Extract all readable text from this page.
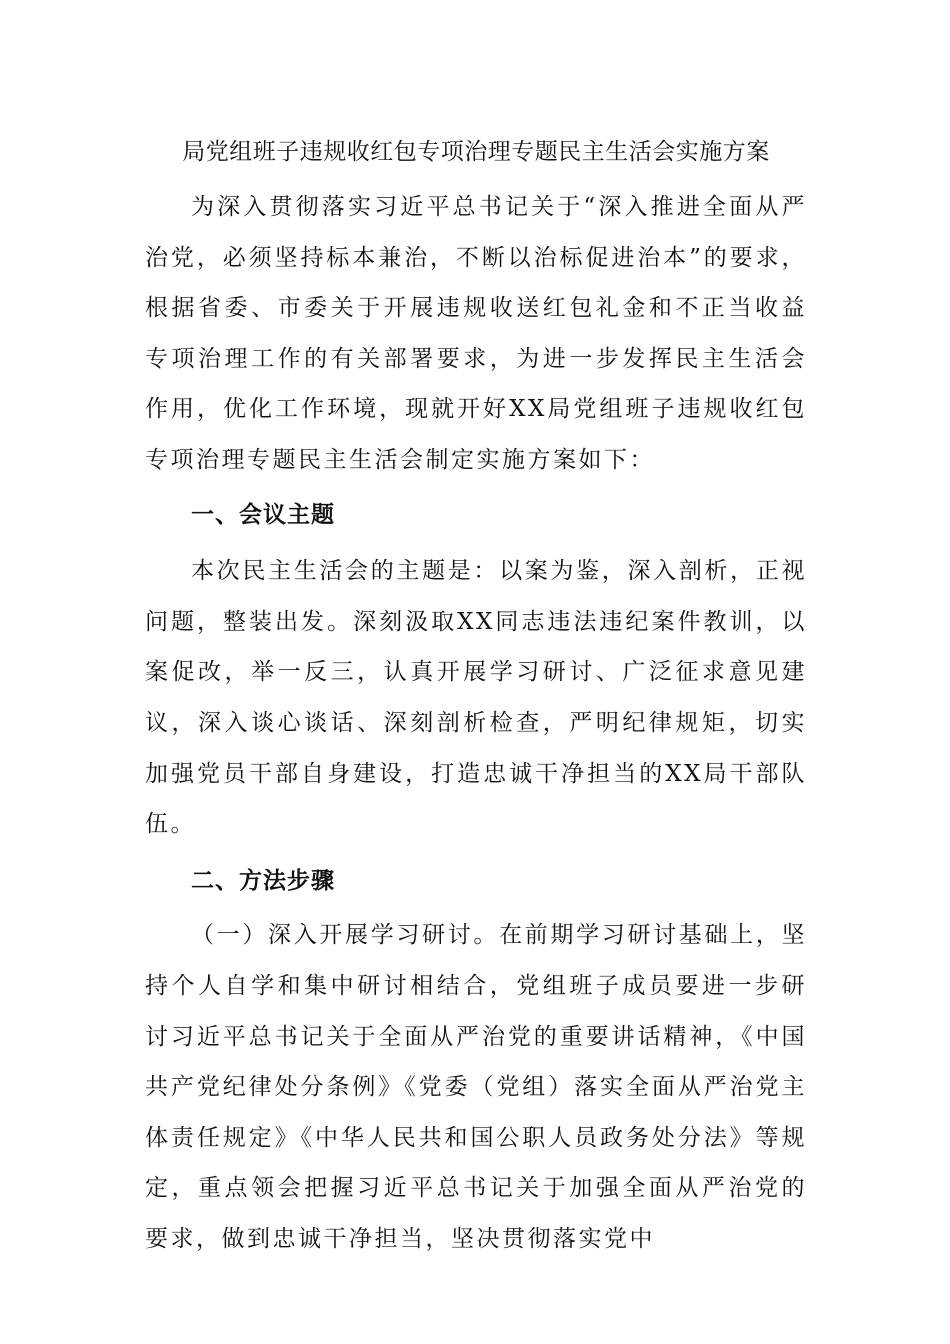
局党组班子违规收红包专项治理专题民主生活会实施方案

为深入贯彻落实习近平总书记关于“深入推进全面从严治党，必须坚持标本兼治，不断以治标促进治本”的要求，根据省委、市委关于开展违规收送红包礼金和不正当收益专项治理工作的有关部署要求，为进一步发挥民主生活会作用，优化工作环境，现就开好XX局党组班子违规收红包专项治理专题民主生活会制定实施方案如下：

一、会议主题

本次民主生活会的主题是：以案为鉴，深入剖析，正视问题，整装出发。深刻汲取XX同志违法违纪案件教训，以案促改，举一反三，认真开展学习研讨、广泛征求意见建议，深入谈心谈话、深刻剖析检查，严明纪律规矩，切实加强党员干部自身建设，打造忠诚干净担当的XX局干部队伍。

二、方法步骤

（一）深入开展学习研讨。在前期学习研讨基础上，坚持个人自学和集中研讨相结合，党组班子成员要进一步研讨习近平总书记关于全面从严治党的重要讲话精神，《中国共产党纪律处分条例》《党委（党组）落实全面从严治党主体责任规定》《中华人民共和国公职人员政务处分法》等规定，重点领会把握习近平总书记关于加强全面从严治党的要求，做到忠诚干净担当，坚决贯彻落实党中
